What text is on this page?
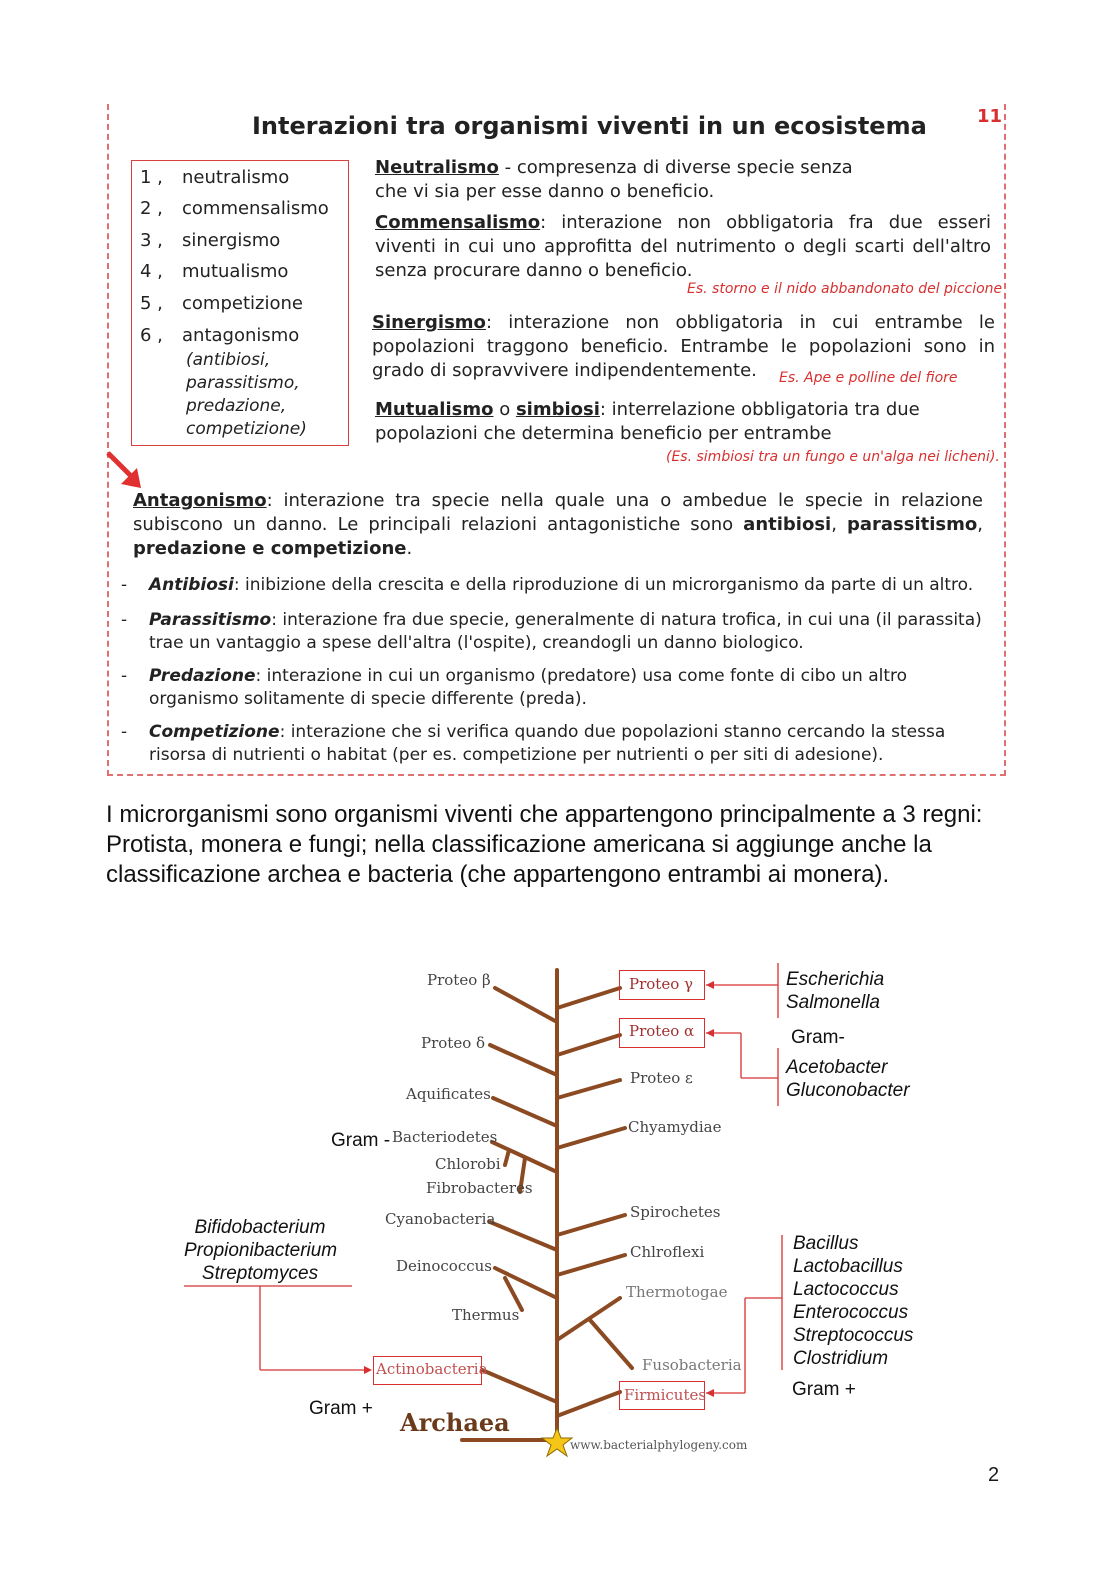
Interazioni tra organismi viventi in un ecosistema	11
1 , neutralismo
2 , commensalismo
3 , sinergismo
4 , mutualismo
5 , competizione
6 , antagonismo
(antibiosi,
parassitismo,
predazione,
competizione)
Neutralismo - compresenza di diverse specie senza
che vi sia per esse danno o beneficio.
Commensalismo: interazione non obbligatoria fra due esseri viventi in cui uno approfitta del nutrimento o degli scarti dell'altro senza procurare danno o beneficio.
Es. storno e il nido abbandonato del piccione
Sinergismo: interazione non obbligatoria in cui entrambe le popolazioni traggono beneficio. Entrambe le popolazioni sono in grado di sopravvivere indipendentemente.	Es. Ape e polline del fiore
Mutualismo o simbiosi: interrelazione obbligatoria tra due popolazioni che determina beneficio per entrambe
(Es. simbiosi tra un fungo e un'alga nei licheni).
Antagonismo: interazione tra specie nella quale una o ambedue le specie in relazione subiscono un danno. Le principali relazioni antagonistiche sono antibiosi, parassitismo, predazione e competizione.
- Antibiosi: inibizione della crescita e della riproduzione di un microrganismo da parte di un altro.
- Parassitismo: interazione fra due specie, generalmente di natura trofica, in cui una (il parassita) trae un vantaggio a spese dell'altra (l'ospite), creandogli un danno biologico.
- Predazione: interazione in cui un organismo (predatore) usa come fonte di cibo un altro organismo solitamente di specie differente (preda).
- Competizione: interazione che si verifica quando due popolazioni stanno cercando la stessa risorsa di nutrienti o habitat (per es. competizione per nutrienti o per siti di adesione).
I microrganismi sono organismi viventi che appartengono principalmente a 3 regni: Protista, monera e fungi; nella classificazione americana si aggiunge anche la classificazione archea e bacteria (che appartengono entrambi ai monera).
Proteo β
Proteo δ
Aquificates
Bacteriodetes
Chlorobi
Fibrobacteres
Cyanobacteria
Deinococcus
Thermus
Actinobacteria
Archaea
Proteo γ
Proteo α
Proteo ε
Chyamydiae
Spirochetes
Chlroflexi
Thermotogae
Fusobacteria
Firmicutes
www.bacterialphylogeny.com
Escherichia
Salmonella
Gram-
Acetobacter
Gluconobacter
Gram -
Bifidobacterium
Propionibacterium
Streptomyces
Bacillus
Lactobacillus
Lactococcus
Enterococcus
Streptococcus
Clostridium
Gram +
Gram +
2
